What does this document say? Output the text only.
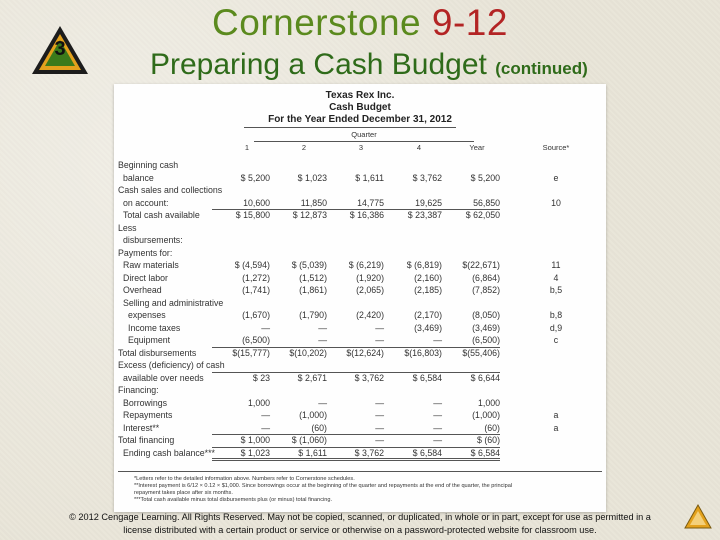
3
Cornerstone 9-12
Preparing a Cash Budget (continued)
Texas Rex Inc.
Cash Budget
For the Year Ended December 31, 2012
Quarter
1	2	3	4	Year	Source*
Beginning cash
balance	$ 5,200	$ 1,023	$ 1,611	$ 3,762	$ 5,200	e
Cash sales and collections
on account:	10,600	11,850	14,775	19,625	56,850	10
Total cash available	$ 15,800	$ 12,873	$ 16,386	$ 23,387	$ 62,050
Less
disbursements:
Payments for:
Raw materials	$ (4,594)	$ (5,039)	$ (6,219)	$ (6,819)	$(22,671)	11
Direct labor	(1,272)	(1,512)	(1,920)	(2,160)	(6,864)	4
Overhead	(1,741)	(1,861)	(2,065)	(2,185)	(7,852)	b,5
Selling and administrative
expenses	(1,670)	(1,790)	(2,420)	(2,170)	(8,050)	b,8
Income taxes	—	—	—	(3,469)	(3,469)	d,9
Equipment	(6,500)	—	—	—	(6,500)	c
Total disbursements	$(15,777)	$(10,202)	$(12,624)	$(16,803)	$(55,406)
Excess (deficiency) of cash
available over needs	$ 23	$ 2,671	$ 3,762	$ 6,584	$ 6,644
Financing:
Borrowings	1,000	—	—	—	1,000
Repayments	—	(1,000)	—	—	(1,000)	a
Interest**	—	(60)	—	—	(60)	a
Total financing	$ 1,000	$ (1,060)	—	—	$ (60)
Ending cash balance***	$ 1,023	$ 1,611	$ 3,762	$ 6,584	$ 6,584
*Letters refer to the detailed information above. Numbers refer to Cornerstone schedules.
**Interest payment is 6/12 × 0.12 × $1,000. Since borrowings occur at the beginning of the quarter and repayments at the end of the quarter, the principal
repayment takes place after six months.
***Total cash available minus total disbursements plus (or minus) total financing.
© 2012 Cengage Learning. All Rights Reserved. May not be copied, scanned, or duplicated, in whole or in part, except for use as permitted in a
license distributed with a certain product or service or otherwise on a password-protected website for classroom use.
